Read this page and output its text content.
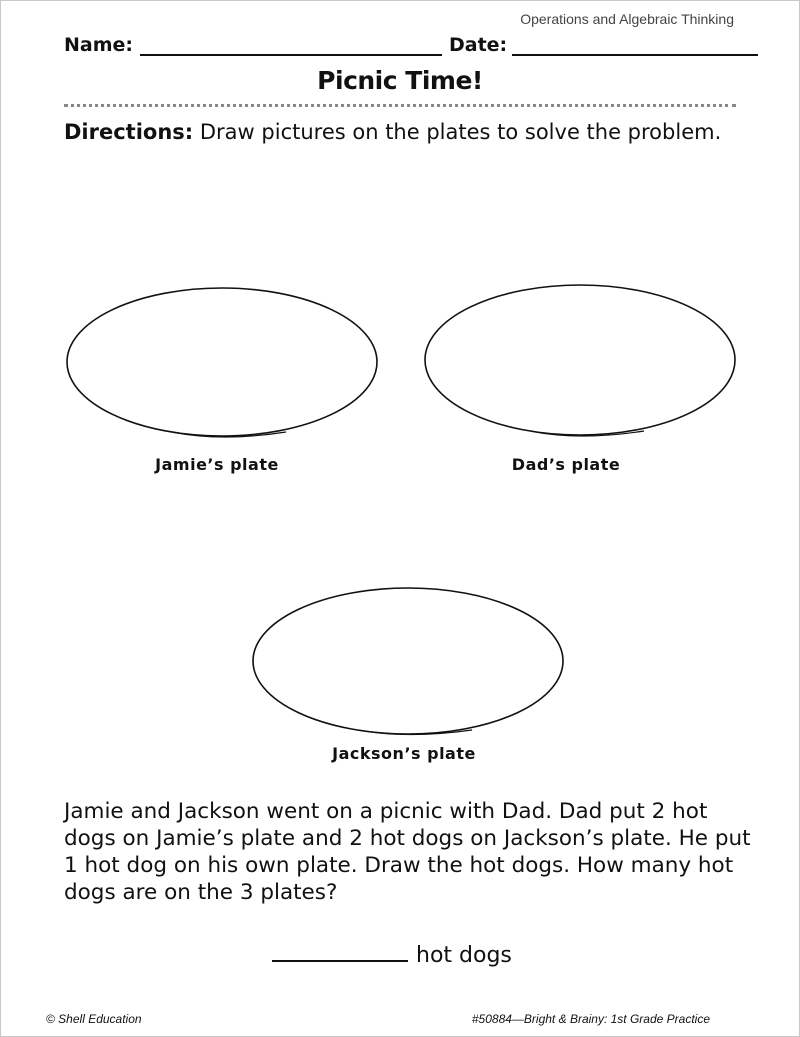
Operations and Algebraic Thinking
Name:	Date:
Picnic Time!
Directions: Draw pictures on the plates to solve the problem.
Jamie’s plate	Dad’s plate
Jackson’s plate
Jamie and Jackson went on a picnic with Dad. Dad put 2 hot dogs on Jamie’s plate and 2 hot dogs on Jackson’s plate. He put 1 hot dog on his own plate. Draw the hot dogs. How many hot dogs are on the 3 plates?
hot dogs
© Shell Education	#50884—Bright & Brainy: 1st Grade Practice
